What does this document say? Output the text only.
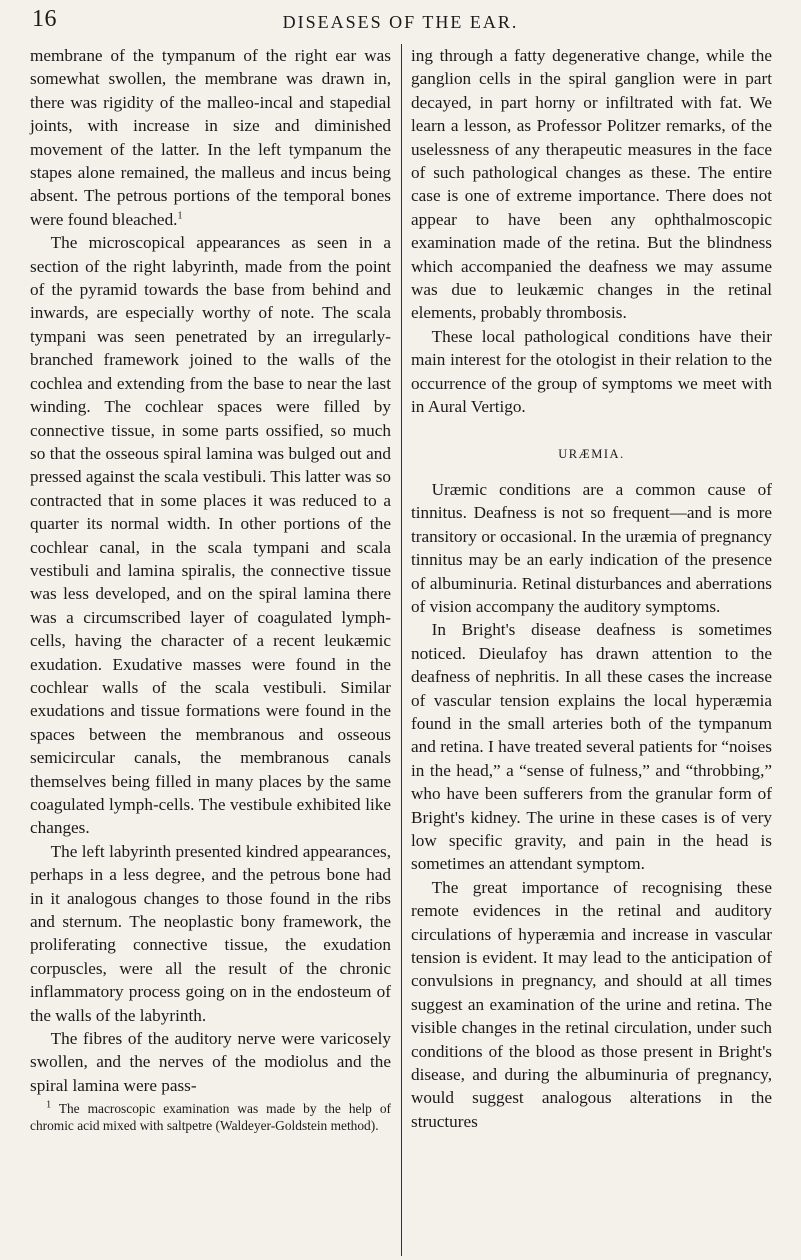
16	DISEASES OF THE EAR.

membrane of the tympanum of the right ear was somewhat swollen, the membrane was drawn in, there was rigidity of the malleo-incal and stapedial joints, with increase in size and diminished movement of the latter. In the left tympanum the stapes alone remained, the malleus and incus being absent. The petrous portions of the temporal bones were found bleached.$^1$

The microscopical appearances as seen in a section of the right labyrinth, made from the point of the pyramid towards the base from behind and inwards, are especially worthy of note. The scala tympani was seen penetrated by an irregularly-branched framework joined to the walls of the cochlea and extending from the base to near the last winding. The cochlear spaces were filled by connective tissue, in some parts ossified, so much so that the osseous spiral lamina was bulged out and pressed against the scala vestibuli. This latter was so contracted that in some places it was reduced to a quarter its normal width. In other portions of the cochlear canal, in the scala tympani and scala vestibuli and lamina spiralis, the connective tissue was less developed, and on the spiral lamina there was a circumscribed layer of coagulated lymph-cells, having the character of a recent leukæmic exudation. Exudative masses were found in the cochlear walls of the scala vestibuli. Similar exudations and tissue formations were found in the spaces between the membranous and osseous semicircular canals, the membranous canals themselves being filled in many places by the same coagulated lymph-cells. The vestibule exhibited like changes.

The left labyrinth presented kindred appearances, perhaps in a less degree, and the petrous bone had in it analogous changes to those found in the ribs and sternum. The neoplastic bony framework, the proliferating connective tissue, the exudation corpuscles, were all the result of the chronic inflammatory process going on in the endosteum of the walls of the labyrinth.

The fibres of the auditory nerve were varicosely swollen, and the nerves of the modiolus and the spiral lamina were pass-

$^1$ The macroscopic examination was made by the help of chromic acid mixed with saltpetre (Waldeyer-Goldstein method).

ing through a fatty degenerative change, while the ganglion cells in the spiral ganglion were in part decayed, in part horny or infiltrated with fat. We learn a lesson, as Professor Politzer remarks, of the uselessness of any therapeutic measures in the face of such pathological changes as these. The entire case is one of extreme importance. There does not appear to have been any ophthalmoscopic examination made of the retina. But the blindness which accompanied the deafness we may assume was due to leukæmic changes in the retinal elements, probably thrombosis.

These local pathological conditions have their main interest for the otologist in their relation to the occurrence of the group of symptoms we meet with in Aural Vertigo.

URÆMIA.

Uræmic conditions are a common cause of tinnitus. Deafness is not so frequent—and is more transitory or occasional. In the uræmia of pregnancy tinnitus may be an early indication of the presence of albuminuria. Retinal disturbances and aberrations of vision accompany the auditory symptoms.

In Bright's disease deafness is sometimes noticed. Dieulafoy has drawn attention to the deafness of nephritis. In all these cases the increase of vascular tension explains the local hyperæmia found in the small arteries both of the tympanum and retina. I have treated several patients for “noises in the head,” a “sense of fulness,” and “throbbing,” who have been sufferers from the granular form of Bright's kidney. The urine in these cases is of very low specific gravity, and pain in the head is sometimes an attendant symptom.

The great importance of recognising these remote evidences in the retinal and auditory circulations of hyperæmia and increase in vascular tension is evident. It may lead to the anticipation of convulsions in pregnancy, and should at all times suggest an examination of the urine and retina. The visible changes in the retinal circulation, under such conditions of the blood as those present in Bright's disease, and during the albuminuria of pregnancy, would suggest analogous alterations in the structures
